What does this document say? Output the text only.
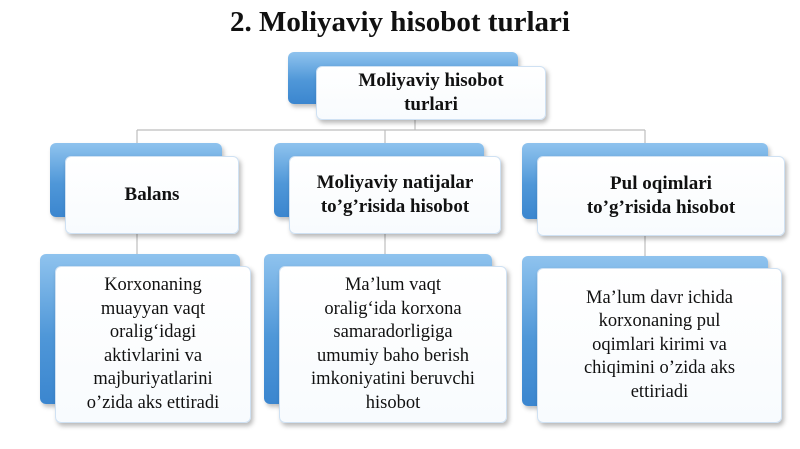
2. Moliyaviy hisobot turlari
Moliyaviy hisobot
turlari
Balans
Moliyaviy natijalar
to’g’risida hisobot
Pul oqimlari
to’g’risida hisobot
Korxonaning
muayyan vaqt
oralig‘idagi
aktivlarini va
majburiyatlarini
o’zida aks ettiradi
Ma’lum vaqt
oralig‘ida korxona
samaradorligiga
umumiy baho berish
imkoniyatini beruvchi
hisobot
Ma’lum davr ichida
korxonaning pul
oqimlari kirimi va
chiqimini o’zida aks
ettiriadi
